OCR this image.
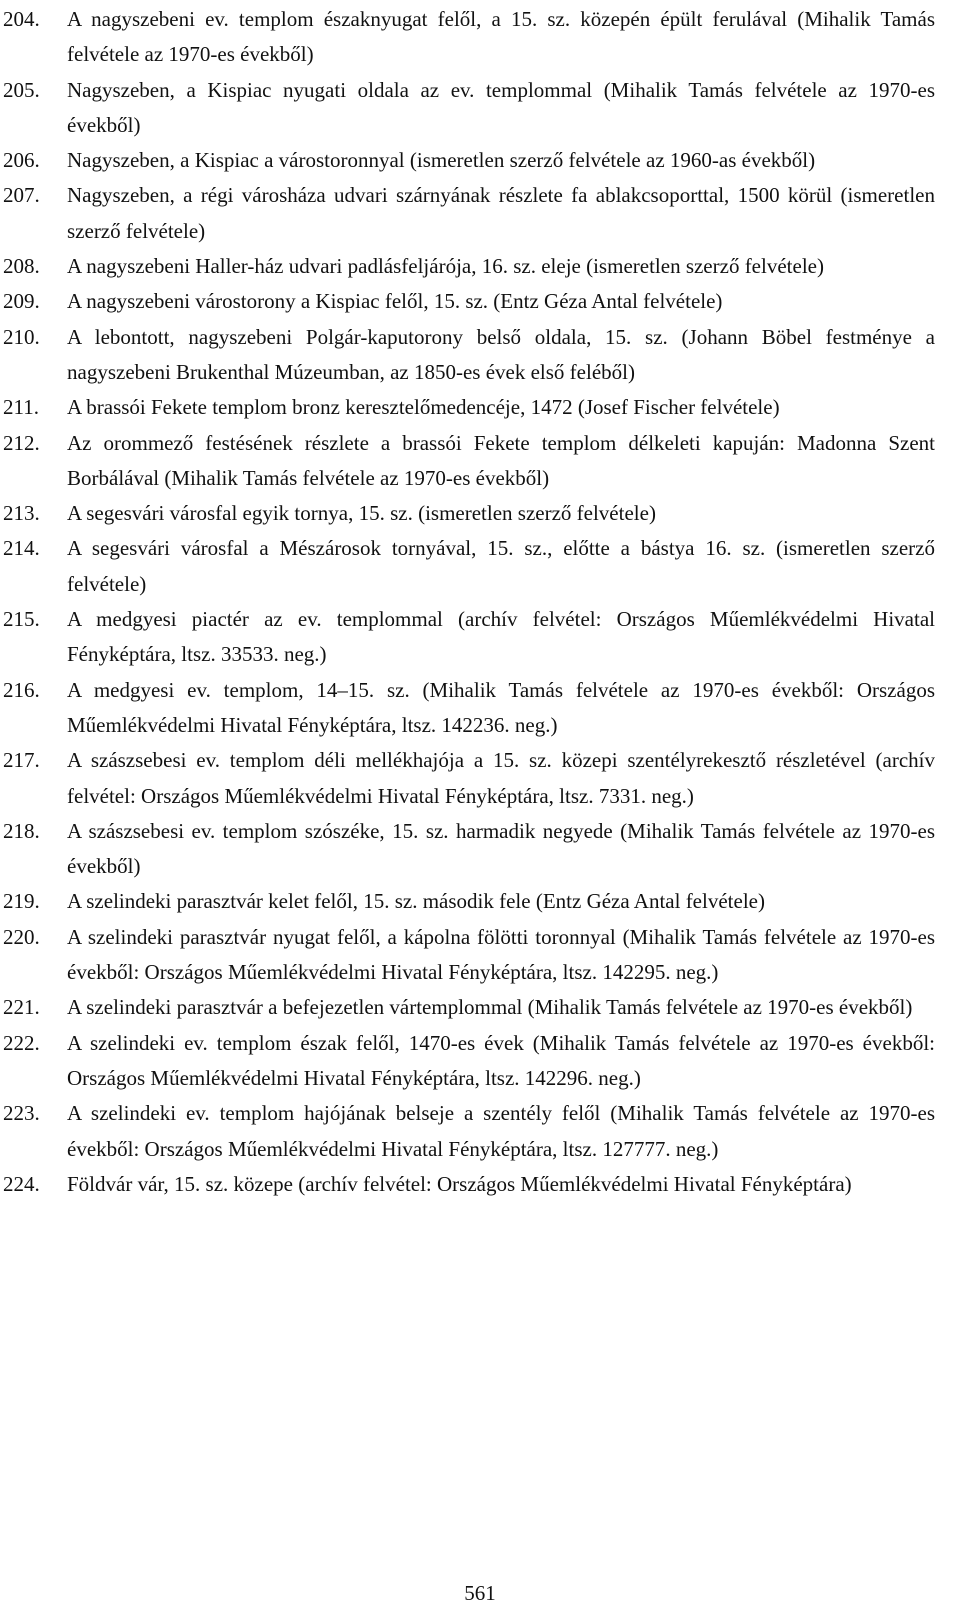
204.	A nagyszebeni ev. templom északnyugat felől, a 15. sz. közepén épült ferulával (Mihalik Tamás felvétele az 1970-es évekből)
205.	Nagyszeben, a Kispiac nyugati oldala az ev. templommal (Mihalik Tamás felvétele az 1970-es évekből)
206.	Nagyszeben, a Kispiac a várostoronnyal (ismeretlen szerző felvétele az 1960-as évekből)
207.	Nagyszeben, a régi városháza udvari szárnyának részlete fa ablakcsoporttal, 1500 körül (ismeretlen szerző felvétele)
208.	A nagyszebeni Haller-ház udvari padlásfeljárója, 16. sz. eleje (ismeretlen szerző felvétele)
209.	A nagyszebeni várostorony a Kispiac felől, 15. sz. (Entz Géza Antal felvétele)
210.	A lebontott, nagyszebeni Polgár-kaputorony belső oldala, 15. sz. (Johann Böbel festménye a nagyszebeni Brukenthal Múzeumban, az 1850-es évek első feléből)
211.	A brassói Fekete templom bronz keresztelőmedencéje, 1472 (Josef Fischer felvétele)
212.	Az orommező festésének részlete a brassói Fekete templom délkeleti kapuján: Madonna Szent Borbálával (Mihalik Tamás felvétele az 1970-es évekből)
213.	A segesvári városfal egyik tornya, 15. sz. (ismeretlen szerző felvétele)
214.	A segesvári városfal a Mészárosok tornyával, 15. sz., előtte a bástya 16. sz. (ismeretlen szerző felvétele)
215.	A medgyesi piactér az ev. templommal (archív felvétel: Országos Műemlékvédelmi Hivatal Fényképtára, ltsz. 33533. neg.)
216.	A medgyesi ev. templom, 14–15. sz. (Mihalik Tamás felvétele az 1970-es évekből: Országos Műemlékvédelmi Hivatal Fényképtára, ltsz. 142236. neg.)
217.	A szászsebesi ev. templom déli mellékhajója a 15. sz. közepi szentélyrekesztő részletével (archív felvétel: Országos Műemlékvédelmi Hivatal Fényképtára, ltsz. 7331. neg.)
218.	A szászsebesi ev. templom szószéke, 15. sz. harmadik negyede (Mihalik Tamás felvétele az 1970-es évekből)
219.	A szelindeki parasztvár kelet felől, 15. sz. második fele (Entz Géza Antal felvétele)
220.	A szelindeki parasztvár nyugat felől, a kápolna fölötti toronnyal (Mihalik Tamás felvétele az 1970-es évekből: Országos Műemlékvédelmi Hivatal Fényképtára, ltsz. 142295. neg.)
221.	A szelindeki parasztvár a befejezetlen vártemplommal (Mihalik Tamás felvétele az 1970-es évekből)
222.	A szelindeki ev. templom észak felől, 1470-es évek (Mihalik Tamás felvétele az 1970-es évekből: Országos Műemlékvédelmi Hivatal Fényképtára, ltsz. 142296. neg.)
223.	A szelindeki ev. templom hajójának belseje a szentély felől (Mihalik Tamás felvétele az 1970-es évekből: Országos Műemlékvédelmi Hivatal Fényképtára, ltsz. 127777. neg.)
224.	Földvár vár, 15. sz. közepe (archív felvétel: Országos Műemlékvédelmi Hivatal Fényképtára)
561
